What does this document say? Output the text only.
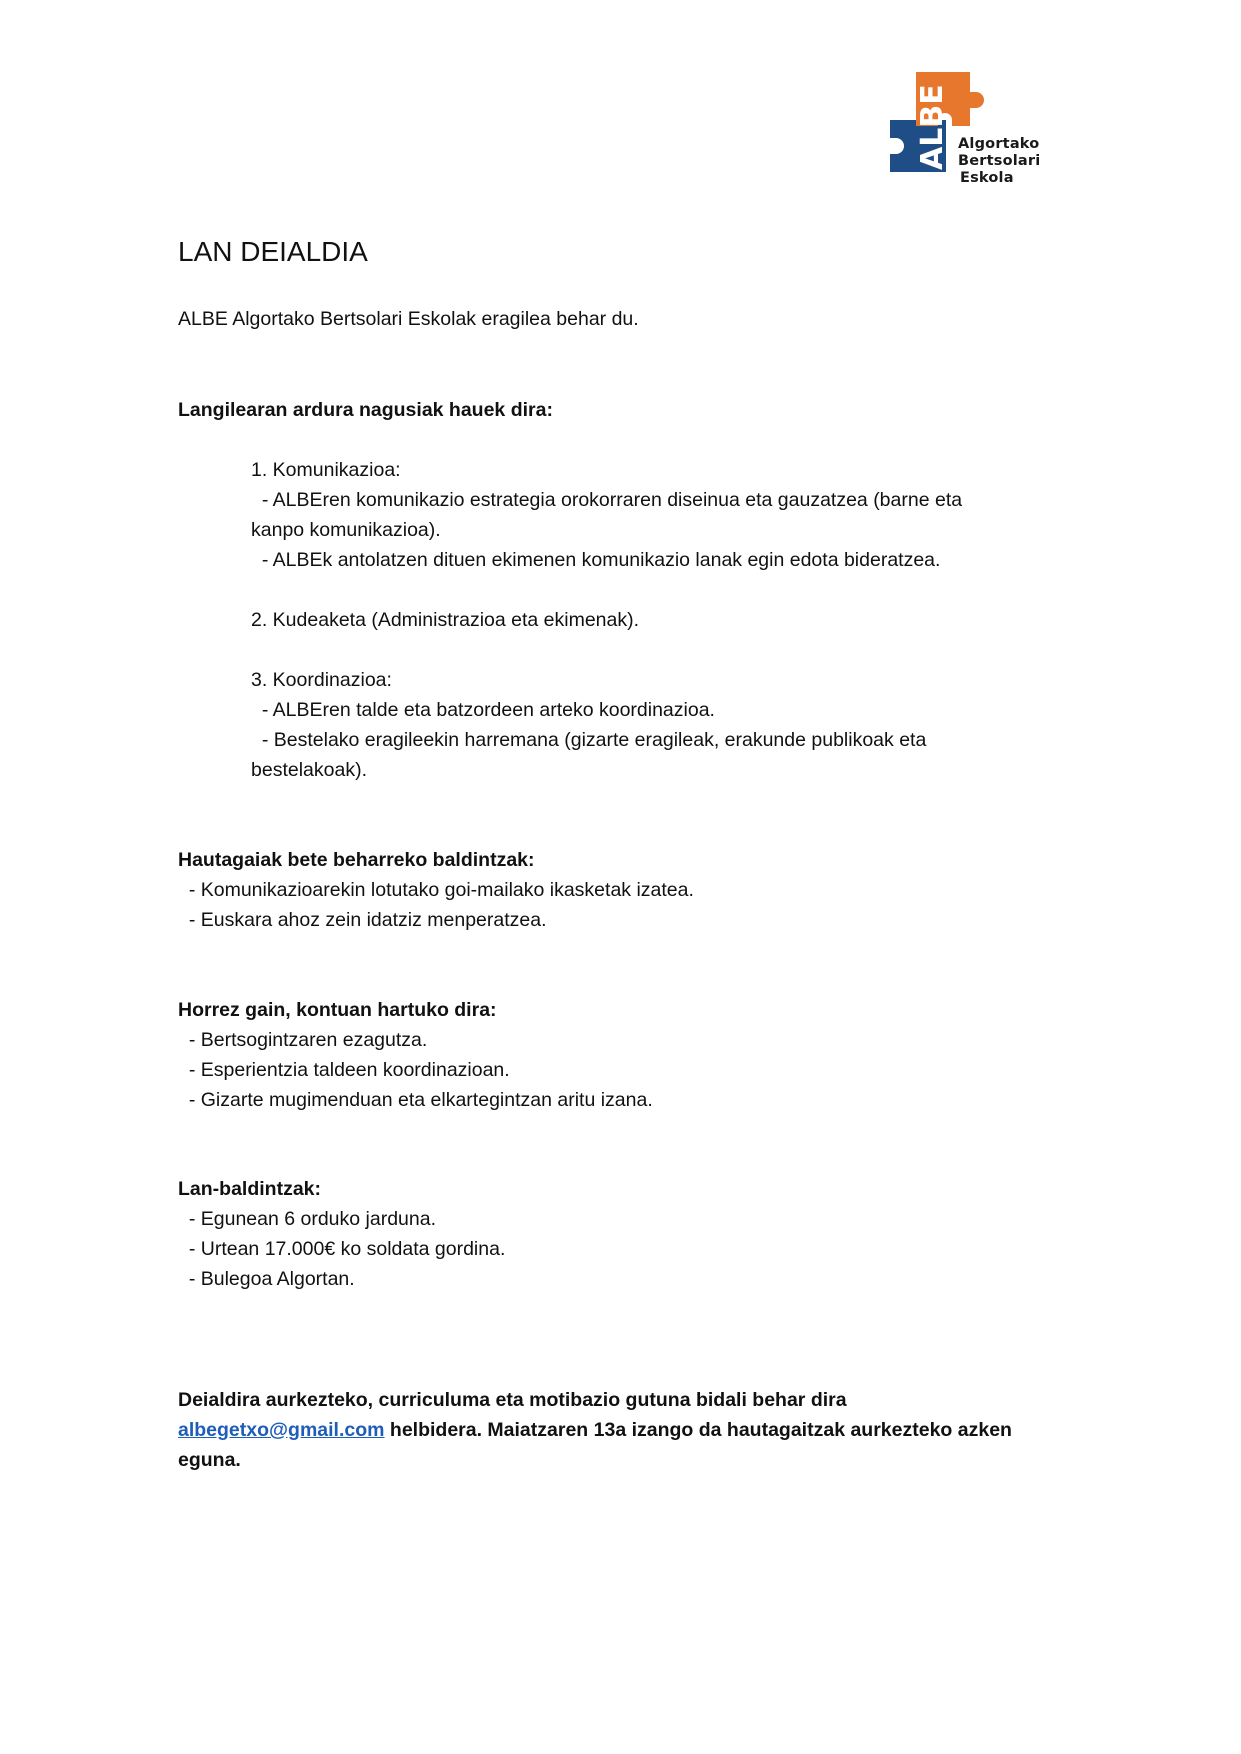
ALBE Algortako
Bertsolari
Eskola
LAN DEIALDIA
ALBE Algortako Bertsolari Eskolak eragilea behar du.
Langilearan ardura nagusiak hauek dira:
1. Komunikazioa:
- ALBEren komunikazio estrategia orokorraren diseinua eta gauzatzea (barne eta
kanpo komunikazioa).
- ALBEk antolatzen dituen ekimenen komunikazio lanak egin edota bideratzea.
2. Kudeaketa (Administrazioa eta ekimenak).
3. Koordinazioa:
- ALBEren talde eta batzordeen arteko koordinazioa.
- Bestelako eragileekin harremana (gizarte eragileak, erakunde publikoak eta
bestelakoak).
Hautagaiak bete beharreko baldintzak:
- Komunikazioarekin lotutako goi-mailako ikasketak izatea.
- Euskara ahoz zein idatziz menperatzea.
Horrez gain, kontuan hartuko dira:
- Bertsogintzaren ezagutza.
- Esperientzia taldeen koordinazioan.
- Gizarte mugimenduan eta elkartegintzan aritu izana.
Lan-baldintzak:
- Egunean 6 orduko jarduna.
- Urtean 17.000€ ko soldata gordina.
- Bulegoa Algortan.
Deialdira aurkezteko, curriculuma eta motibazio gutuna bidali behar dira
albegetxo@gmail.com helbidera. Maiatzaren 13a izango da hautagaitzak aurkezteko azken
eguna.
